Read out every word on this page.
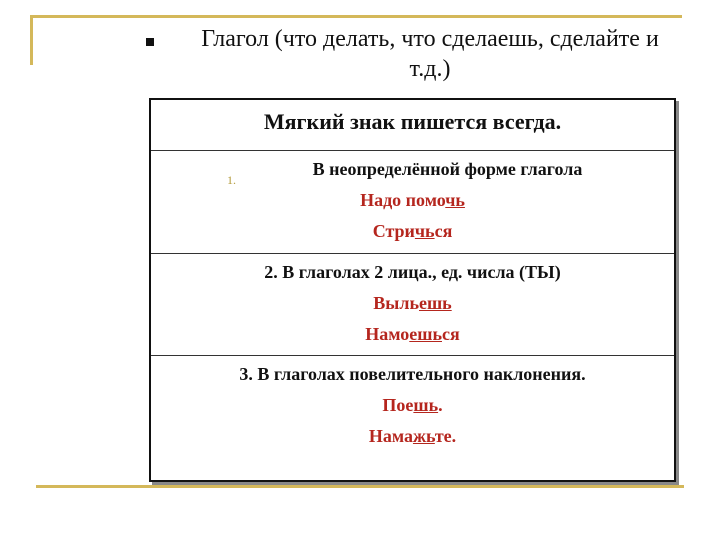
Глагол (что делать, что сделаешь, сделайте и
т.д.)
Мягкий знак пишется всегда.
1.
В неопределённой форме глагола
Надо помочь
Стричься
2. В глаголах 2 лица., ед. числа (ТЫ)
Выльешь
Намоешься
3. В глаголах повелительного наклонения.
Поешь.
Намажьте.
